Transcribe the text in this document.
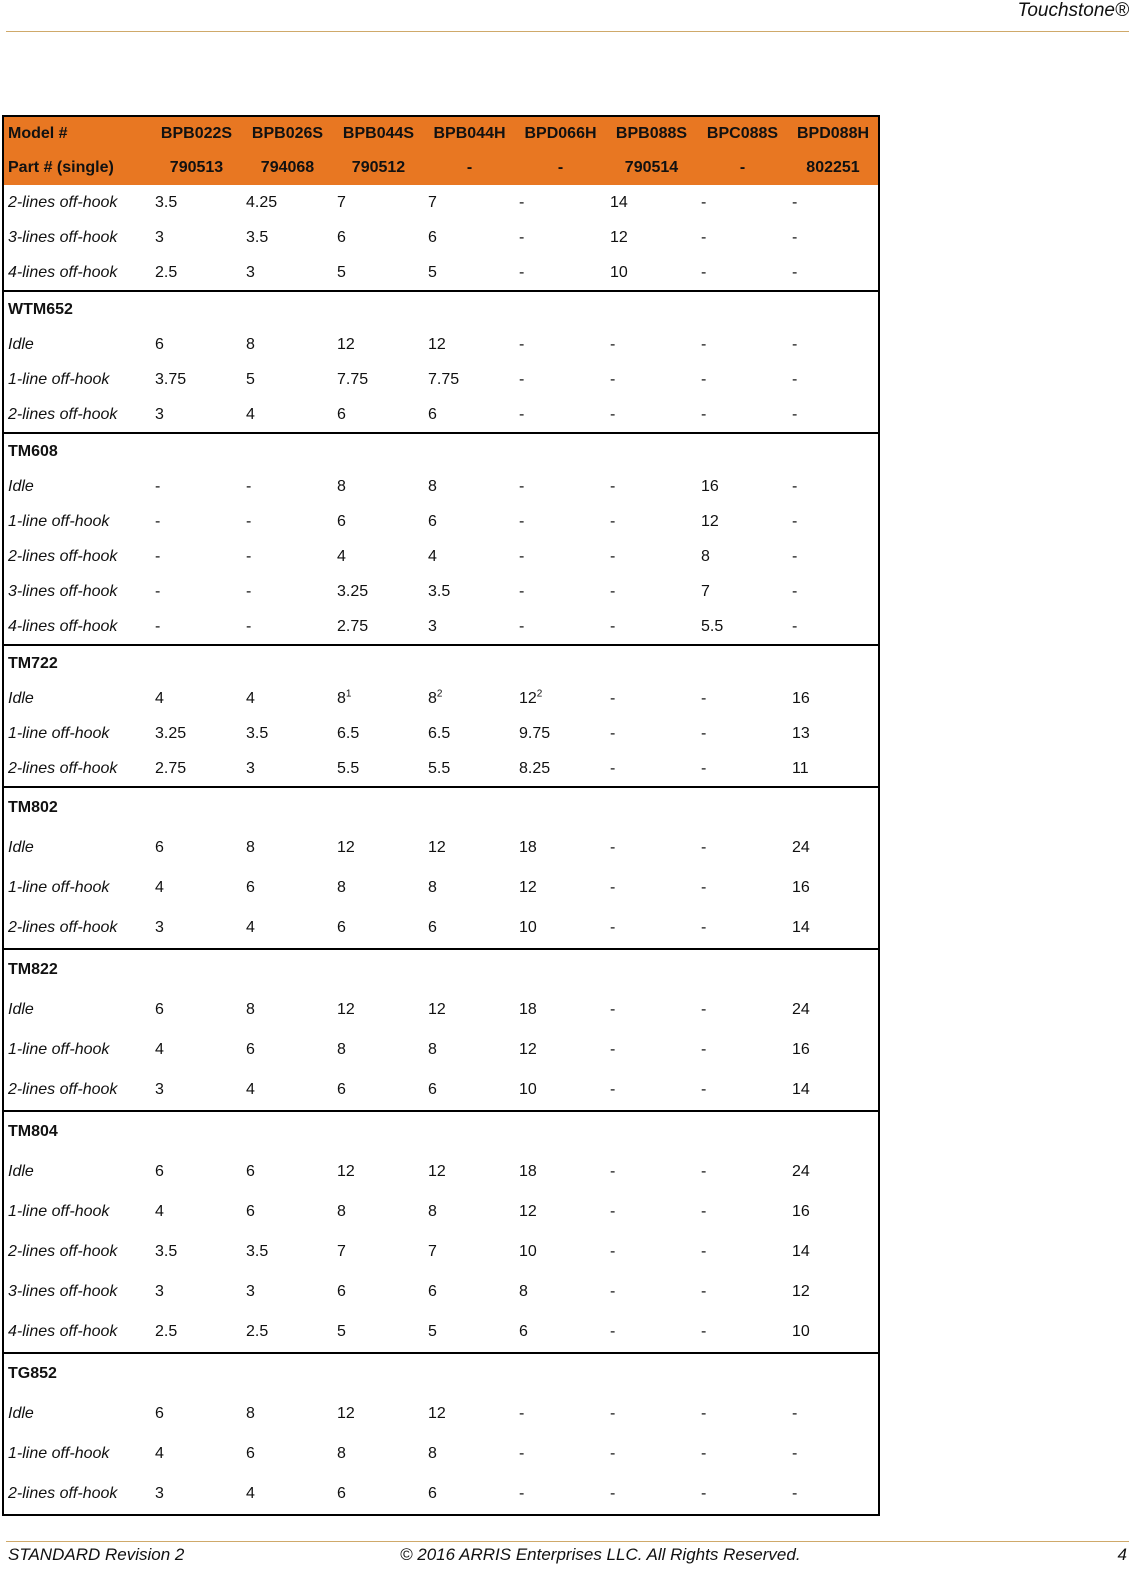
Touchstone®
Model #	BPB022S	BPB026S	BPB044S	BPB044H	BPD066H	BPB088S	BPC088S	BPD088H
Part # (single)	790513	794068	790512	-	-	790514	-	802251
2-lines off-hook	3.5	4.25	7	7	-	14	-	-
3-lines off-hook	3	3.5	6	6	-	12	-	-
4-lines off-hook	2.5	3	5	5	-	10	-	-
WTM652								
Idle	6	8	12	12	-	-	-	-
1-line off-hook	3.75	5	7.75	7.75	-	-	-	-
2-lines off-hook	3	4	6	6	-	-	-	-
TM608								
Idle	-	-	8	8	-	-	16	-
1-line off-hook	-	-	6	6	-	-	12	-
2-lines off-hook	-	-	4	4	-	-	8	-
3-lines off-hook	-	-	3.25	3.5	-	-	7	-
4-lines off-hook	-	-	2.75	3	-	-	5.5	-
TM722								
Idle	4	4	$8^1$	$8^2$	$12^2$	-	-	16
1-line off-hook	3.25	3.5	6.5	6.5	9.75	-	-	13
2-lines off-hook	2.75	3	5.5	5.5	8.25	-	-	11
TM802								
Idle	6	8	12	12	18	-	-	24
1-line off-hook	4	6	8	8	12	-	-	16
2-lines off-hook	3	4	6	6	10	-	-	14
TM822								
Idle	6	8	12	12	18	-	-	24
1-line off-hook	4	6	8	8	12	-	-	16
2-lines off-hook	3	4	6	6	10	-	-	14
TM804								
Idle	6	6	12	12	18	-	-	24
1-line off-hook	4	6	8	8	12	-	-	16
2-lines off-hook	3.5	3.5	7	7	10	-	-	14
3-lines off-hook	3	3	6	6	8	-	-	12
4-lines off-hook	2.5	2.5	5	5	6	-	-	10
TG852								
Idle	6	8	12	12	-	-	-	-
1-line off-hook	4	6	8	8	-	-	-	-
2-lines off-hook	3	4	6	6	-	-	-	-
STANDARD Revision 2	© 2016 ARRIS Enterprises LLC. All Rights Reserved.	4
